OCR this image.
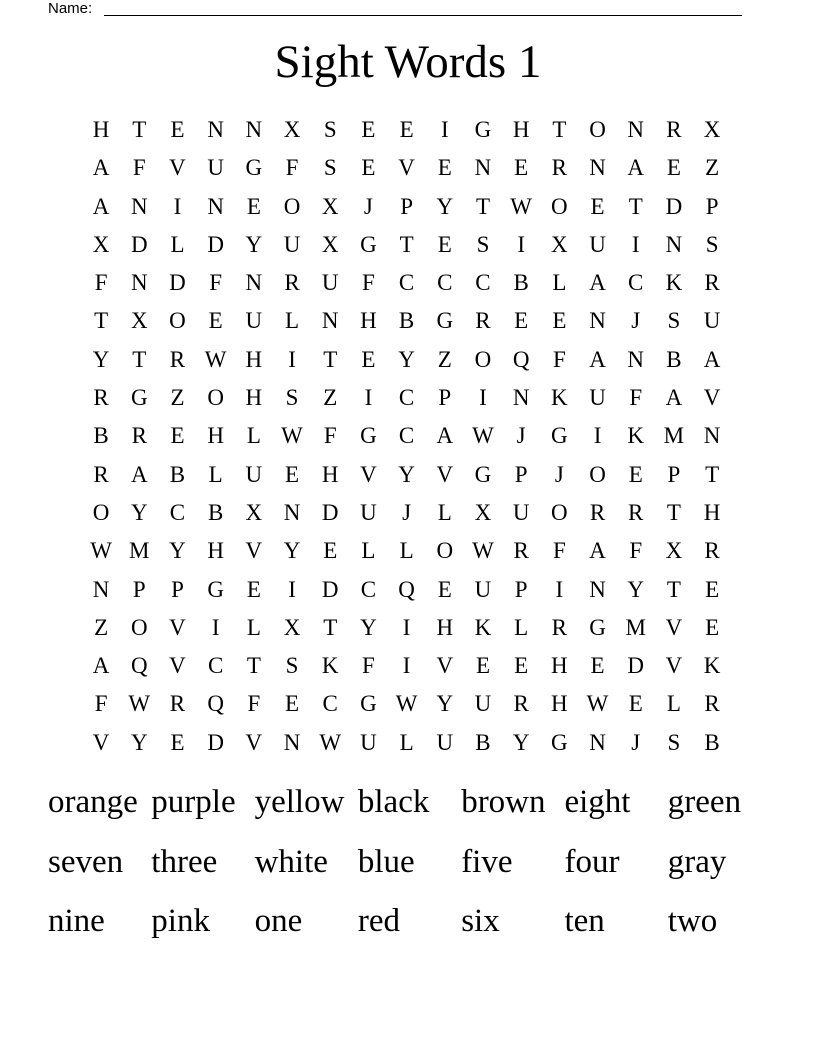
Name:
Sight Words 1
H T	E N N X	S	E	E	I	G H T O N R X
A	F	V U G	F	S	E V E N E	R N A E	Z
A N	I	N E O X	J	P	Y T W O E	T D	P
X D L D Y U X G T	E	S	I	X U	I	N	S
F	N D	F	N R U	F	C C C B	L A C K R
T X O E U L N H B G R	E	E N	J	S	U
Y T	R W H	I	T	E Y Z O Q	F	A N B A
R G Z O H	S	Z	I	C	P	I	N K U	F	A V
B R	E H L W F	G C A W J	G	I	K M N
R A B	L U E H V Y V G	P	J	O E	P	T
O Y C B X N D U	J	L X U O R R	T H
W M Y H V Y E	L	L O W R	F	A	F	X R
N	P	P	G E	I	D C Q E U	P	I	N Y T	E
Z O V	I	L X T Y	I	H K L	R G M V E
A Q V C	T	S	K	F	I	V E	E H E D V K
F W R Q	F	E	C G W Y U R H W E	L	R
V Y E D V N W U L U B Y G N	J	S	B
orange purple yellow black brown eight	green
seven three	white blue	five	four	gray
nine	pink	one	red	six	ten	two
